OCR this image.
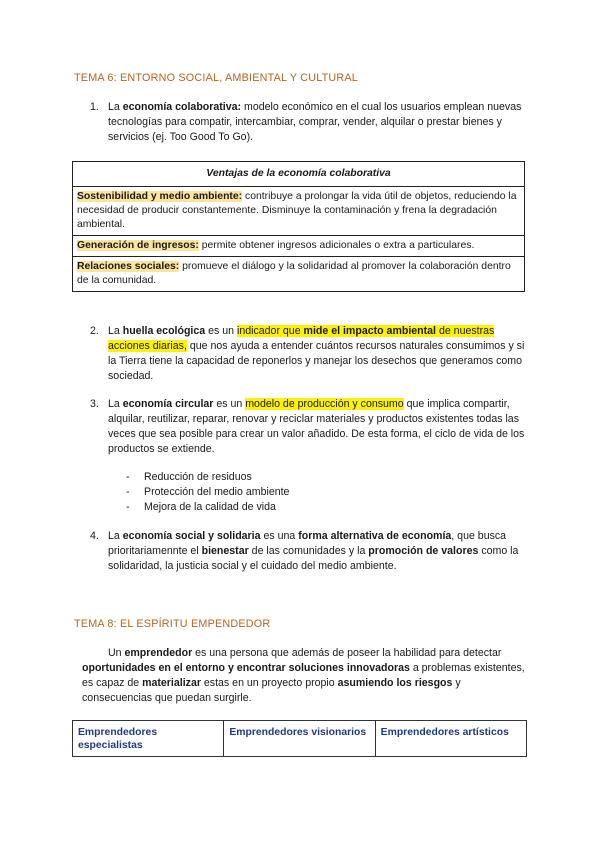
TEMA 6: ENTORNO SOCIAL, AMBIENTAL Y CULTURAL
1. La economía colaborativa: modelo económico en el cual los usuarios emplean nuevas tecnologías para compatir, intercambiar, comprar, vender, alquilar o prestar bienes y servicios (ej. Too Good To Go).
Ventajas de la economía colaborativa
Sostenibilidad y medio ambiente: contribuye a prolongar la vida útil de objetos, reduciendo la necesidad de producir constantemente. Disminuye la contaminación y frena la degradación ambiental.
Generación de ingresos: permite obtener ingresos adicionales o extra a particulares.
Relaciones sociales: promueve el diálogo y la solidaridad al promover la colaboración dentro de la comunidad.
2. La huella ecológica es un indicador que mide el impacto ambiental de nuestras acciones diarias, que nos ayuda a entender cuántos recursos naturales consumimos y si la Tierra tiene la capacidad de reponerlos y manejar los desechos que generamos como sociedad.
3. La economía circular es un modelo de producción y consumo que implica compartir, alquilar, reutilizar, reparar, renovar y reciclar materiales y productos existentes todas las veces que sea posible para crear un valor añadido. De esta forma, el ciclo de vida de los productos se extiende.
- Reducción de residuos
- Protección del medio ambiente
- Mejora de la calidad de vida
4. La economía social y solidaria es una forma alternativa de economía, que busca prioritariamennte el bienestar de las comunidades y la promoción de valores como la solidaridad, la justicia social y el cuidado del medio ambiente.
TEMA 8: EL ESPÍRITU EMPENDEDOR
Un emprendedor es una persona que además de poseer la habilidad para detectar oportunidades en el entorno y encontrar soluciones innovadoras a problemas existentes, es capaz de materializar estas en un proyecto propio asumiendo los riesgos y consecuencias que puedan surgirle.
Emprendedores especialistas	Emprendedores visionarios	Emprendedores artísticos
